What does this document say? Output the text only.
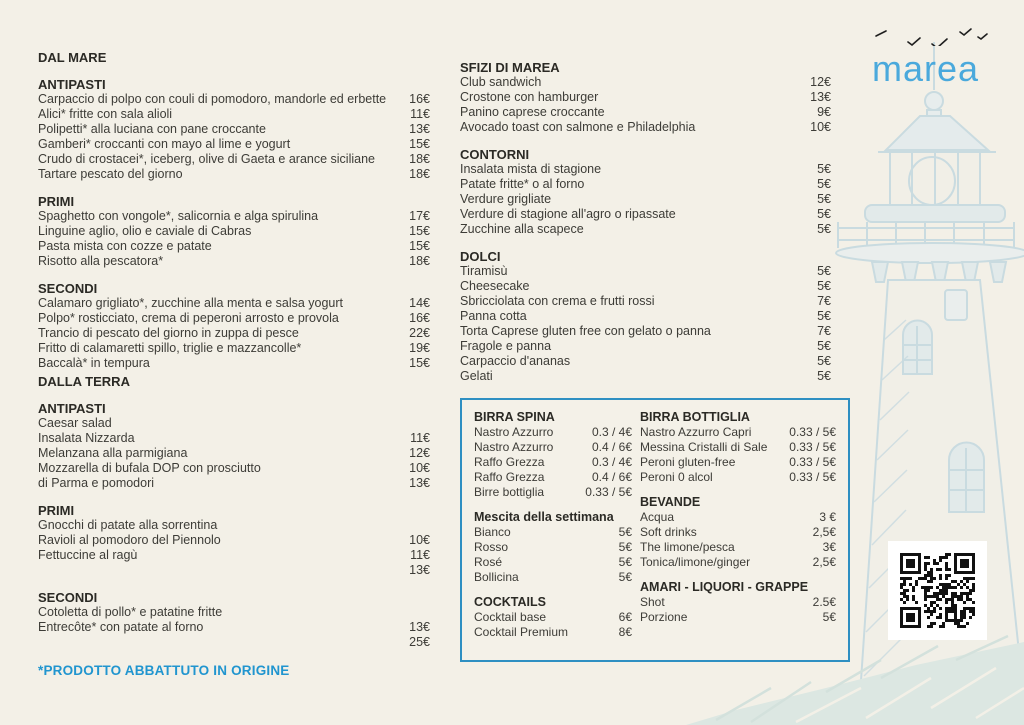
marea
DAL MARE
ANTIPASTI
Carpaccio di polpo con couli di pomodoro, mandorle ed erbette 16€
Alici* fritte con sala alioli	11€
Polipetti* alla luciana con pane croccante	13€
Gamberi* croccanti con mayo al lime e yogurt	15€
Crudo di crostacei*, iceberg, olive di Gaeta e arance siciliane	18€
Tartare pescato del giorno	18€
PRIMI
Spaghetto con vongole*, salicornia e alga spirulina	17€
Linguine aglio, olio e caviale di Cabras	15€
Pasta mista con cozze e patate	15€
Risotto alla pescatora*	18€
SECONDI
Calamaro grigliato*, zucchine alla menta e salsa yogurt	14€
Polpo* rosticciato, crema di peperoni arrosto e provola	16€
Trancio di pescato del giorno in zuppa di pesce	22€
Fritto di calamaretti spillo, triglie e mazzancolle*	19€
Baccalà* in tempura	15€
DALLA TERRA
ANTIPASTI
Caesar salad
Insalata Nizzarda	11€
Melanzana alla parmigiana	12€
Mozzarella di bufala DOP con prosciutto	10€
di Parma e pomodori	13€
PRIMI
Gnocchi di patate alla sorrentina
Ravioli al pomodoro del Piennolo	10€
Fettuccine al ragù	11€
13€
SECONDI
Cotoletta di pollo* e patatine fritte
Entrecôte* con patate al forno	13€
25€
*PRODOTTO ABBATTUTO IN ORIGINE
SFIZI DI MAREA
Club sandwich	12€
Crostone con hamburger	13€
Panino caprese croccante	9€
Avocado toast con salmone e Philadelphia	10€
CONTORNI
Insalata mista di stagione	5€
Patate fritte* o al forno	5€
Verdure grigliate	5€
Verdure di stagione all'agro o ripassate	5€
Zucchine alla scapece	5€
DOLCI
Tiramisù	5€
Cheesecake	5€
Sbricciolata con crema e frutti rossi	7€
Panna cotta	5€
Torta Caprese gluten free con gelato o panna	7€
Fragole e panna	5€
Carpaccio d'ananas	5€
Gelati	5€
BIRRA SPINA
Nastro Azzurro	0.3 / 4€
Nastro Azzurro	0.4 / 6€
Raffo Grezza	0.3 / 4€
Raffo Grezza	0.4 / 6€
Birre bottiglia	0.33 / 5€
Mescita della settimana
Bianco	5€
Rosso	5€
Rosé	5€
Bollicina	5€
COCKTAILS
Cocktail base	6€
Cocktail Premium	8€
BIRRA BOTTIGLIA
Nastro Azzurro Capri	0.33 / 5€
Messina Cristalli di Sale 0.33 / 5€
Peroni gluten-free	0.33 / 5€
Peroni 0 alcol	0.33 / 5€
BEVANDE
Acqua	3 €
Soft drinks	2,5€
The limone/pesca	3€
Tonica/limone/ginger	2,5€
AMARI - LIQUORI - GRAPPE
Shot	2.5€
Porzione	5€
